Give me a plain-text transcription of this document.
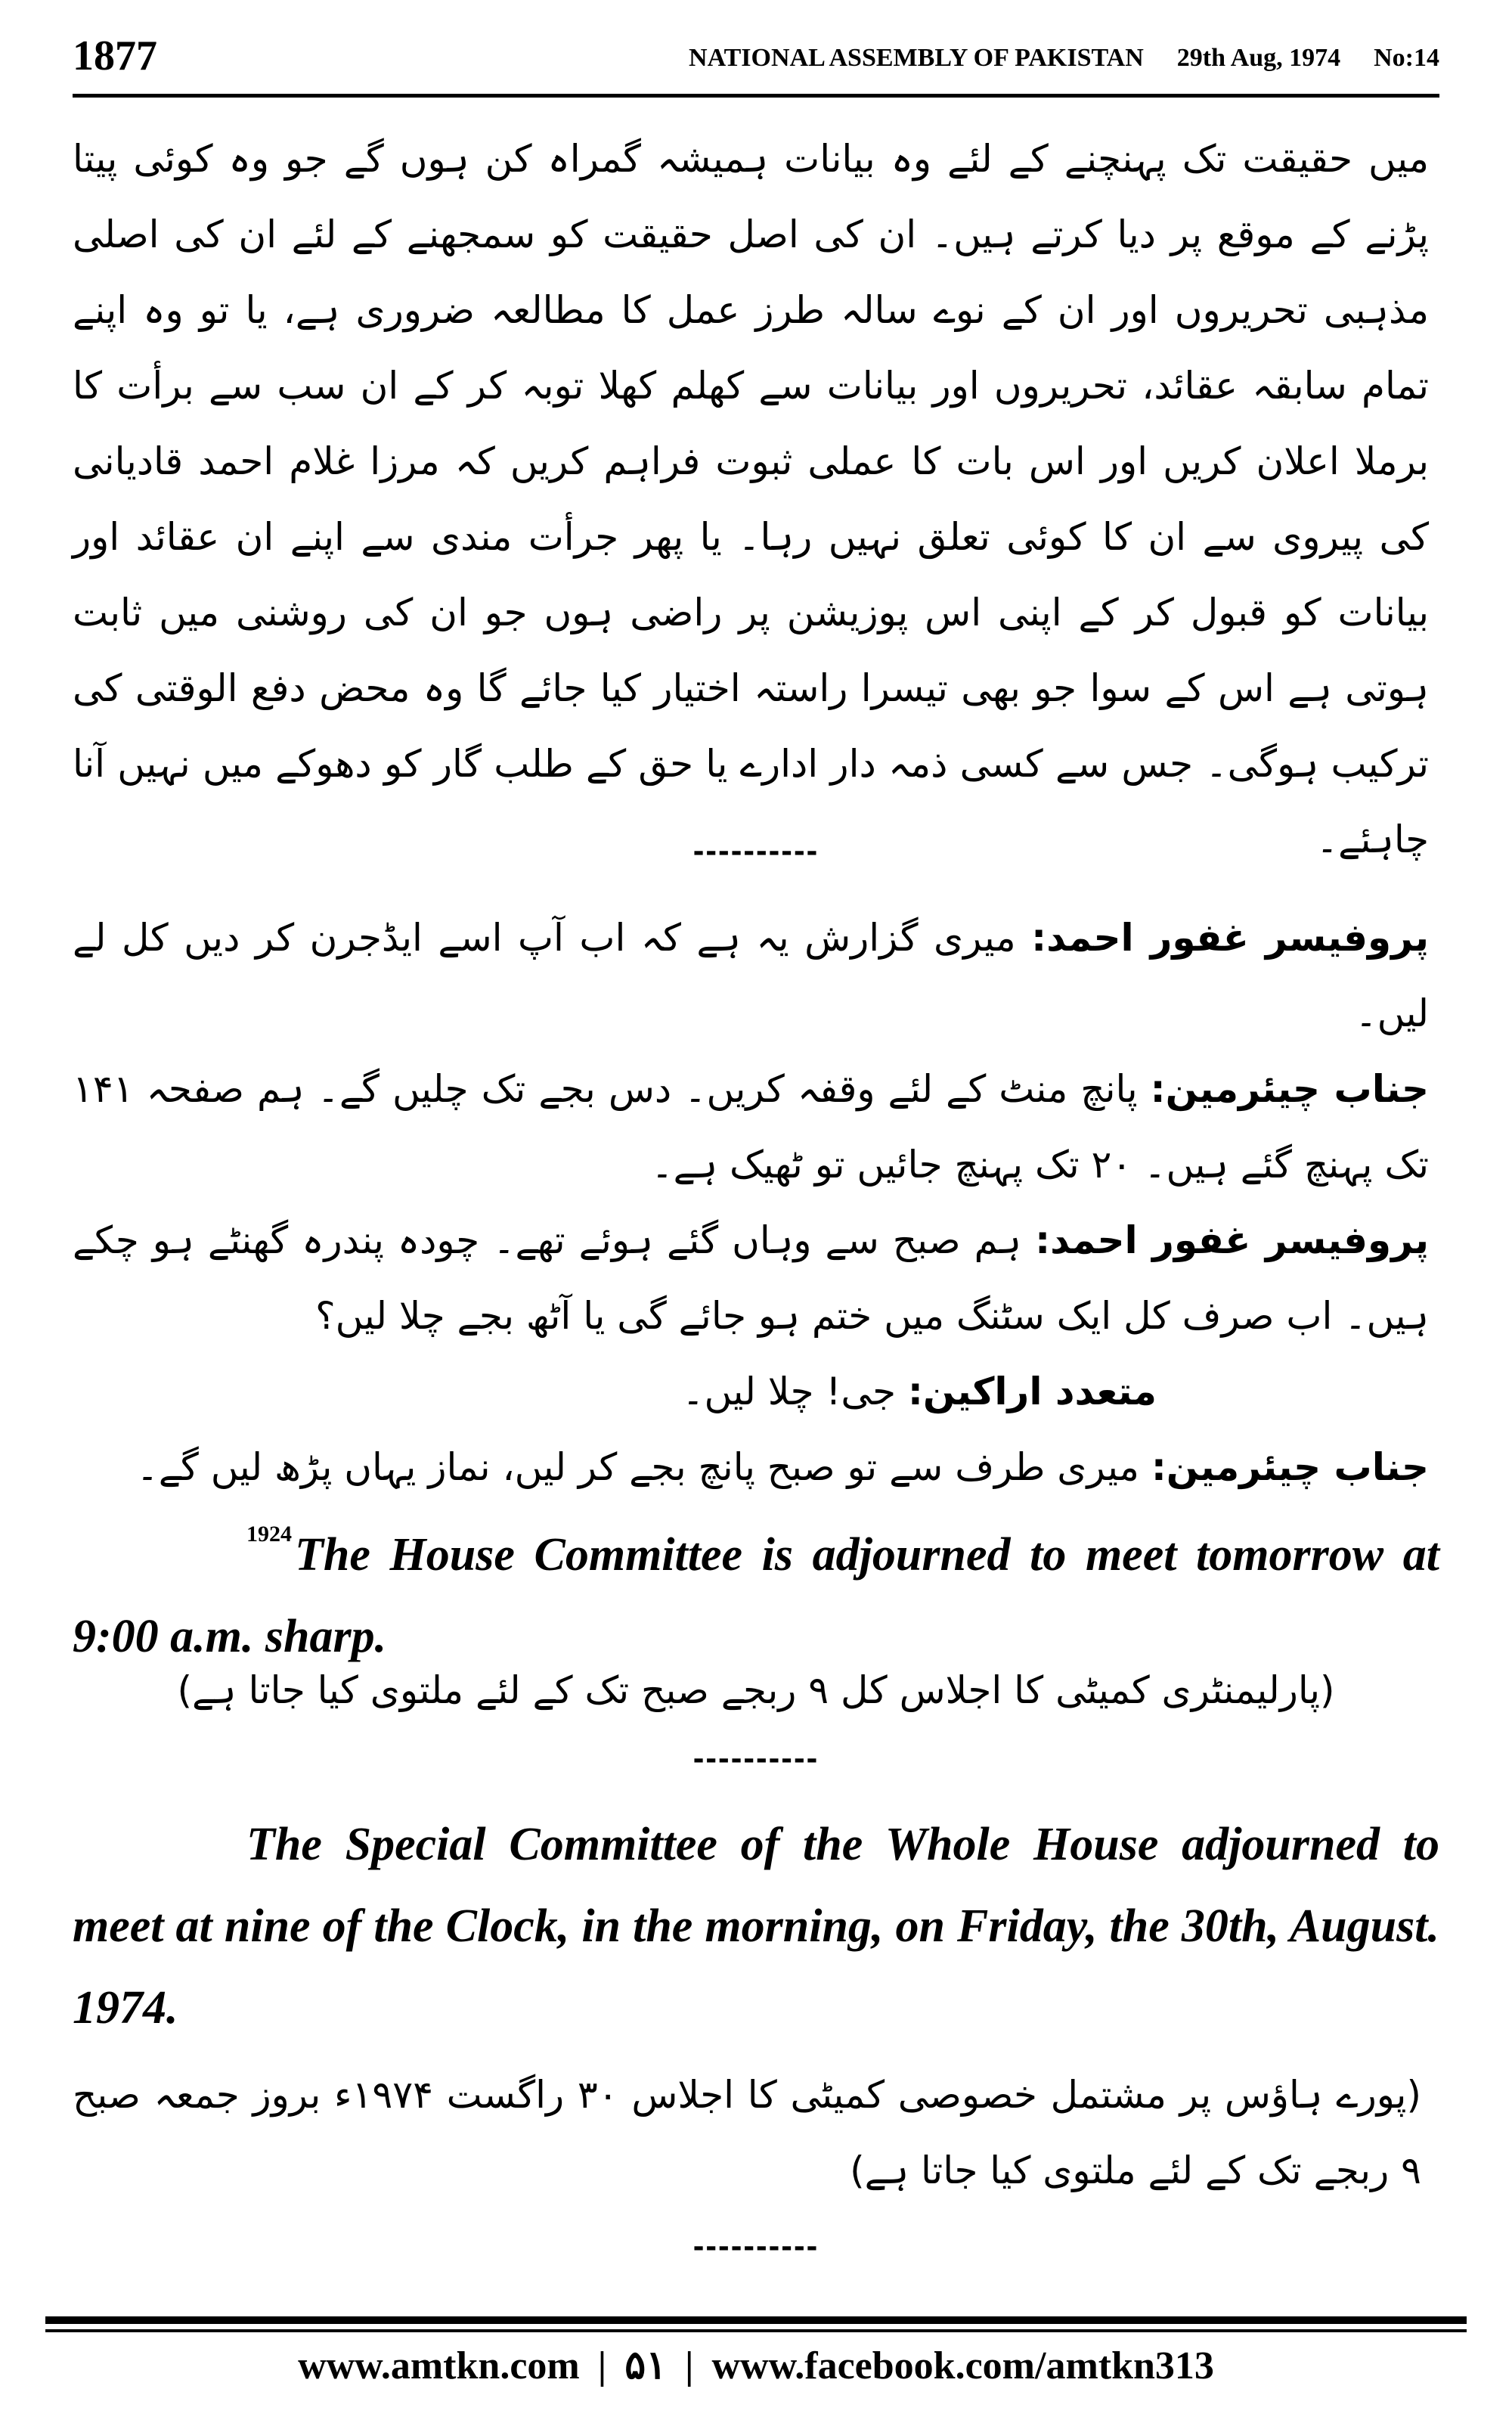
1877	NATIONAL ASSEMBLY OF PAKISTAN 29th Aug, 1974 No:14

میں حقیقت تک پہنچنے کے لئے وہ بیانات ہمیشہ گمراہ کن ہوں گے جو وہ کوئی پیتا پڑنے کے موقع پر دیا کرتے ہیں۔ ان کی اصل حقیقت کو سمجھنے کے لئے ان کی اصلی مذہبی تحریروں اور ان کے نوے سالہ طرز عمل کا مطالعہ ضروری ہے، یا تو وہ اپنے تمام سابقہ عقائد، تحریروں اور بیانات سے کھلم کھلا توبہ کر کے ان سب سے برأت کا برملا اعلان کریں اور اس بات کا عملی ثبوت فراہم کریں کہ مرزا غلام احمد قادیانی کی پیروی سے ان کا کوئی تعلق نہیں رہا۔ یا پھر جرأت مندی سے اپنے ان عقائد اور بیانات کو قبول کر کے اپنی اس پوزیشن پر راضی ہوں جو ان کی روشنی میں ثابت ہوتی ہے اس کے سوا جو بھی تیسرا راستہ اختیار کیا جائے گا وہ محض دفع الوقتی کی ترکیب ہوگی۔ جس سے کسی ذمہ دار ادارے یا حق کے طلب گار کو دھوکے میں نہیں آنا چاہئے۔

----------

پروفیسر غفور احمد: میری گزارش یہ ہے کہ اب آپ اسے ایڈجرن کر دیں کل لے لیں۔

جناب چیئرمین: پانچ منٹ کے لئے وقفہ کریں۔ دس بجے تک چلیں گے۔ ہم صفحہ ۱۴۱ تک پہنچ گئے ہیں۔ ۲۰ تک پہنچ جائیں تو ٹھیک ہے۔

پروفیسر غفور احمد: ہم صبح سے وہاں گئے ہوئے تھے۔ چودہ پندرہ گھنٹے ہو چکے ہیں۔ اب صرف کل ایک سٹنگ میں ختم ہو جائے گی یا آٹھ بجے چلا لیں؟

متعدد اراکین: جی! چلا لیں۔

جناب چیئرمین: میری طرف سے تو صبح پانچ بجے کر لیں، نماز یہاں پڑھ لیں گے۔

$^{1924}$The House Committee is adjourned to meet tomorrow at 9:00 a.m. sharp.
(پارلیمنٹری کمیٹی کا اجلاس کل ۹ ربجے صبح تک کے لئے ملتوی کیا جاتا ہے)
----------
The Special Committee of the Whole House adjourned to meet at nine of the Clock, in the morning, on Friday, the 30th, August. 1974.

(پورے ہاؤس پر مشتمل خصوصی کمیٹی کا اجلاس ۳۰ راگست ۱۹۷۴ء بروز جمعہ صبح ۹ ربجے تک کے لئے ملتوی کیا جاتا ہے)

----------
www.amtkn.com | ۵۱ | www.facebook.com/amtkn313
